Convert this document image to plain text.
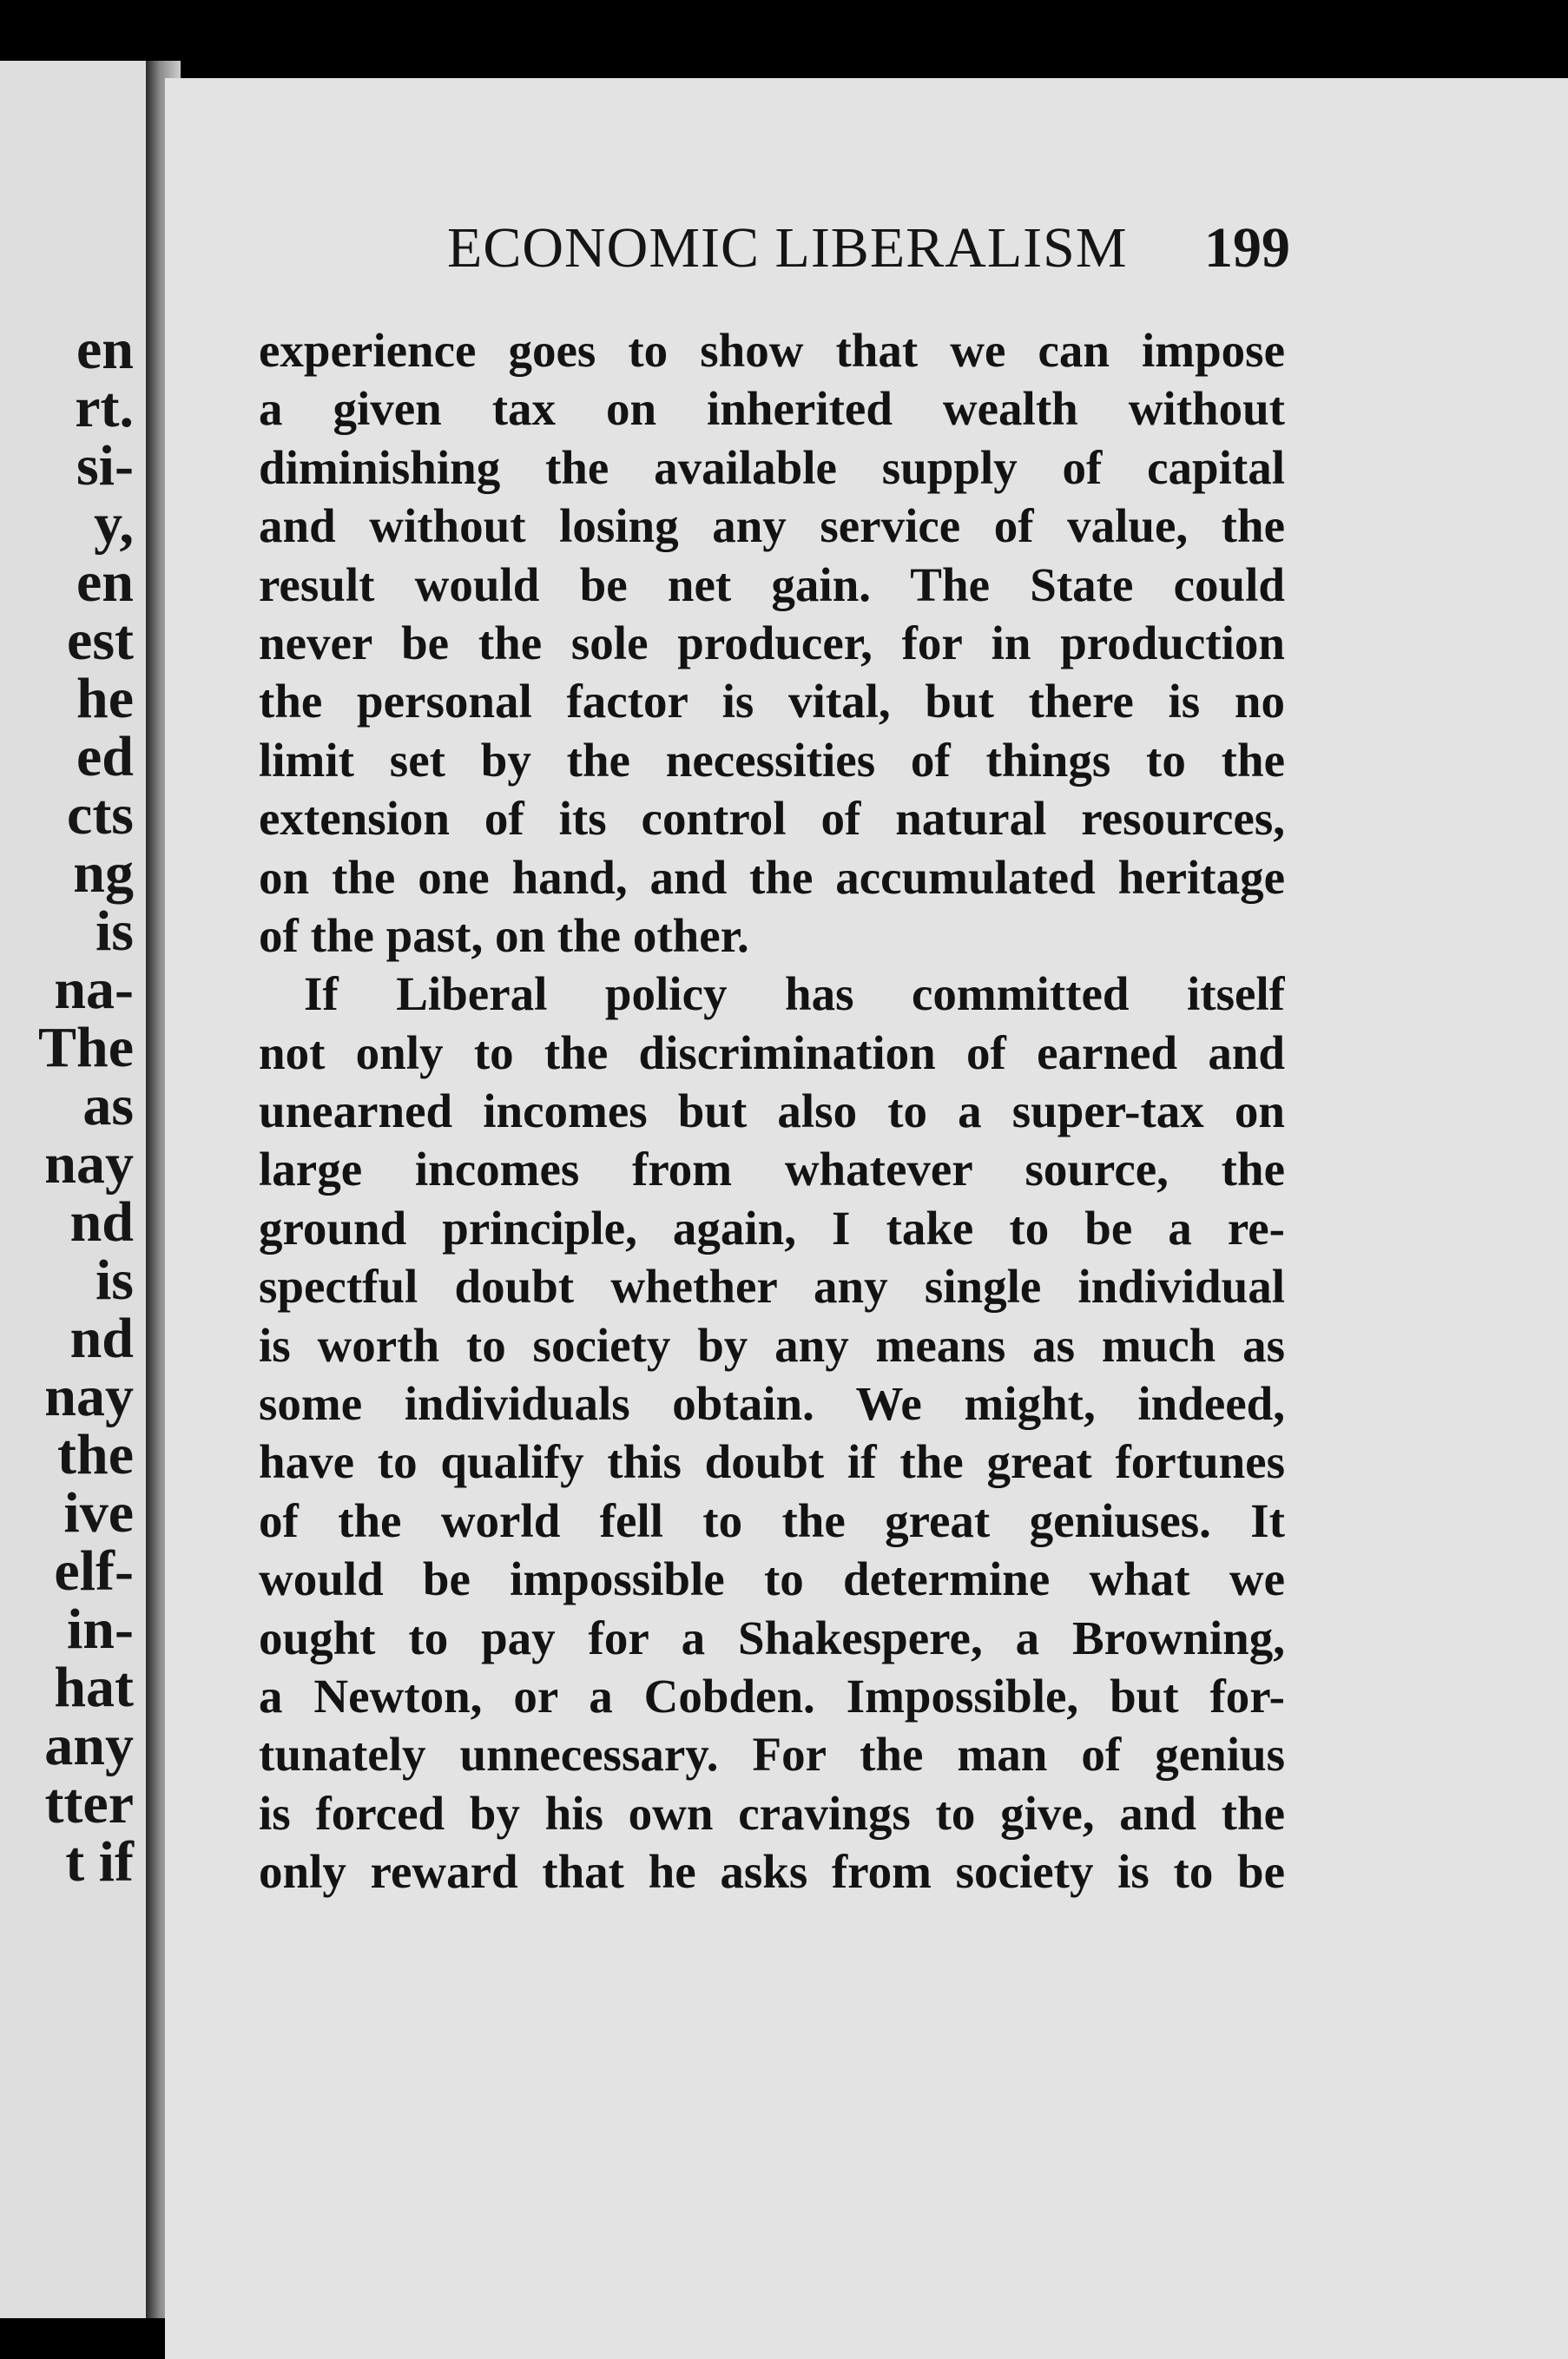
en
rt.
si-
y,
en
est
he
ed
cts
ng
is
na-
The
as
nay
nd
is
nd
nay
the
ive
elf-
in-
hat
any
tter
t if
ECONOMIC LIBERALISM 199
experience goes to show that we can impose
a given tax on inherited wealth without
diminishing the available supply of capital
and without losing any service of value, the
result would be net gain. The State could
never be the sole producer, for in production
the personal factor is vital, but there is no
limit set by the necessities of things to the
extension of its control of natural resources,
on the one hand, and the accumulated heritage
of the past, on the other.
If Liberal policy has committed itself
not only to the discrimination of earned and
unearned incomes but also to a super-tax on
large incomes from whatever source, the
ground principle, again, I take to be a re-
spectful doubt whether any single individual
is worth to society by any means as much as
some individuals obtain. We might, indeed,
have to qualify this doubt if the great fortunes
of the world fell to the great geniuses. It
would be impossible to determine what we
ought to pay for a Shakespere, a Browning,
a Newton, or a Cobden. Impossible, but for-
tunately unnecessary. For the man of genius
is forced by his own cravings to give, and the
only reward that he asks from society is to be
